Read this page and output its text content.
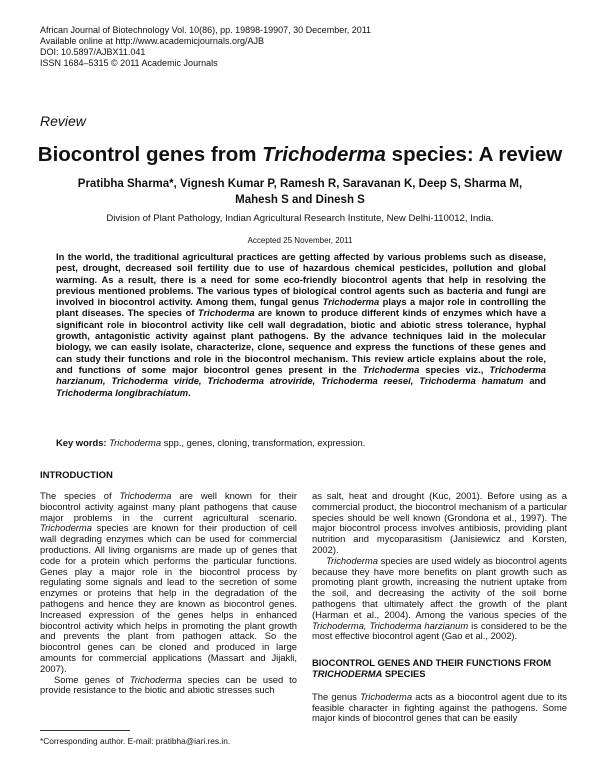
African Journal of Biotechnology Vol. 10(86), pp. 19898-19907, 30 December, 2011
Available online at http://www.academicjournals.org/AJB
DOI: 10.5897/AJBX11.041
ISSN 1684–5315 © 2011 Academic Journals
Review
Biocontrol genes from Trichoderma species: A review
Pratibha Sharma*, Vignesh Kumar P, Ramesh R, Saravanan K, Deep S, Sharma M,
Mahesh S and Dinesh S
Division of Plant Pathology, Indian Agricultural Research Institute, New Delhi-110012, India.
Accepted 25 November, 2011
In the world, the traditional agricultural practices are getting affected by various problems such as disease, pest, drought, decreased soil fertility due to use of hazardous chemical pesticides, pollution and global warming. As a result, there is a need for some eco-friendly biocontrol agents that help in resolving the previous mentioned problems. The various types of biological control agents such as bacteria and fungi are involved in biocontrol activity. Among them, fungal genus Trichoderma plays a major role in controlling the plant diseases. The species of Trichoderma are known to produce different kinds of enzymes which have a significant role in biocontrol activity like cell wall degradation, biotic and abiotic stress tolerance, hyphal growth, antagonistic activity against plant pathogens. By the advance techniques laid in the molecular biology, we can easily isolate, characterize, clone, sequence and express the functions of these genes and can study their functions and role in the biocontrol mechanism. This review article explains about the role, and functions of some major biocontrol genes present in the Trichoderma species viz., Trichoderma harzianum, Trichoderma viride, Trichoderma atroviride, Trichoderma reesei, Trichoderma hamatum and Trichoderma longibrachiatum.
Key words: Trichoderma spp., genes, cloning, transformation, expression.
INTRODUCTION

The species of Trichoderma are well known for their biocontrol activity against many plant pathogens that cause major problems in the current agricultural scenario. Trichoderma species are known for their production of cell wall degrading enzymes which can be used for commercial productions. All living organisms are made up of genes that code for a protein which performs the particular functions. Genes play a major role in the biocontrol process by regulating some signals and lead to the secretion of some enzymes or proteins that help in the degradation of the pathogens and hence they are known as biocontrol genes. Increased expression of the genes helps in enhanced biocontrol activity which helps in promoting the plant growth and prevents the plant from pathogen attack. So the biocontrol genes can be cloned and produced in large amounts for commercial applications (Massart and Jijakli, 2007).

Some genes of Trichoderma species can be used to provide resistance to the biotic and abiotic stresses such

as salt, heat and drought (Kuc, 2001). Before using as a commercial product, the biocontrol mechanism of a particular species should be well known (Grondona et al., 1997). The major biocontrol process involves antibiosis, providing plant nutrition and mycoparasitism (Janisiewicz and Korsten, 2002).

Trichoderma species are used widely as biocontrol agents because they have more benefits on plant growth such as promoting plant growth, increasing the nutrient uptake from the soil, and decreasing the activity of the soil borne pathogens that ultimately affect the growth of the plant (Harman et al., 2004). Among the various species of the Trichoderma, Trichoderma harzianum is considered to be the most effective biocontrol agent (Gao et al., 2002).

BIOCONTROL GENES AND THEIR FUNCTIONS FROM
TRICHODERMA SPECIES

The genus Trichoderma acts as a biocontrol agent due to its feasible character in fighting against the pathogens. Some major kinds of biocontrol genes that can be easily

*Corresponding author. E-mail: pratibha@iari.res.in.
